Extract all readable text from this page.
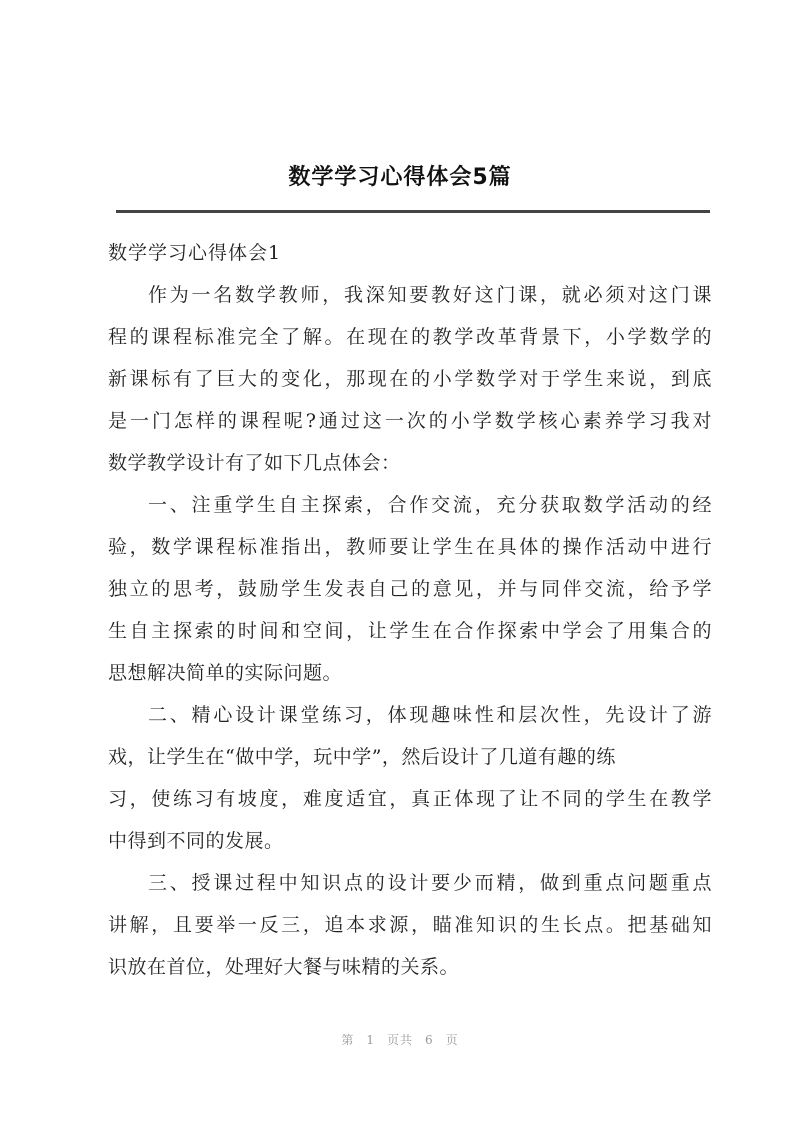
数学学习心得体会5篇
数学学习心得体会1
作为一名数学教师，我深知要教好这门课，就必须对这门课
程的课程标准完全了解。在现在的教学改革背景下，小学数学的
新课标有了巨大的变化，那现在的小学数学对于学生来说，到底
是一门怎样的课程呢?通过这一次的小学数学核心素养学习我对
数学教学设计有了如下几点体会：
一、注重学生自主探索，合作交流，充分获取数学活动的经
验，数学课程标准指出，教师要让学生在具体的操作活动中进行
独立的思考，鼓励学生发表自己的意见，并与同伴交流，给予学
生自主探索的时间和空间，让学生在合作探索中学会了用集合的
思想解决简单的实际问题。
二、精心设计课堂练习，体现趣味性和层次性，先设计了游
戏，让学生在“做中学，玩中学”，然后设计了几道有趣的练
习，使练习有坡度，难度适宜，真正体现了让不同的学生在教学
中得到不同的发展。
三、授课过程中知识点的设计要少而精，做到重点问题重点
讲解，且要举一反三，追本求源，瞄准知识的生长点。把基础知
识放在首位，处理好大餐与味精的关系。
第 1 页共 6 页
